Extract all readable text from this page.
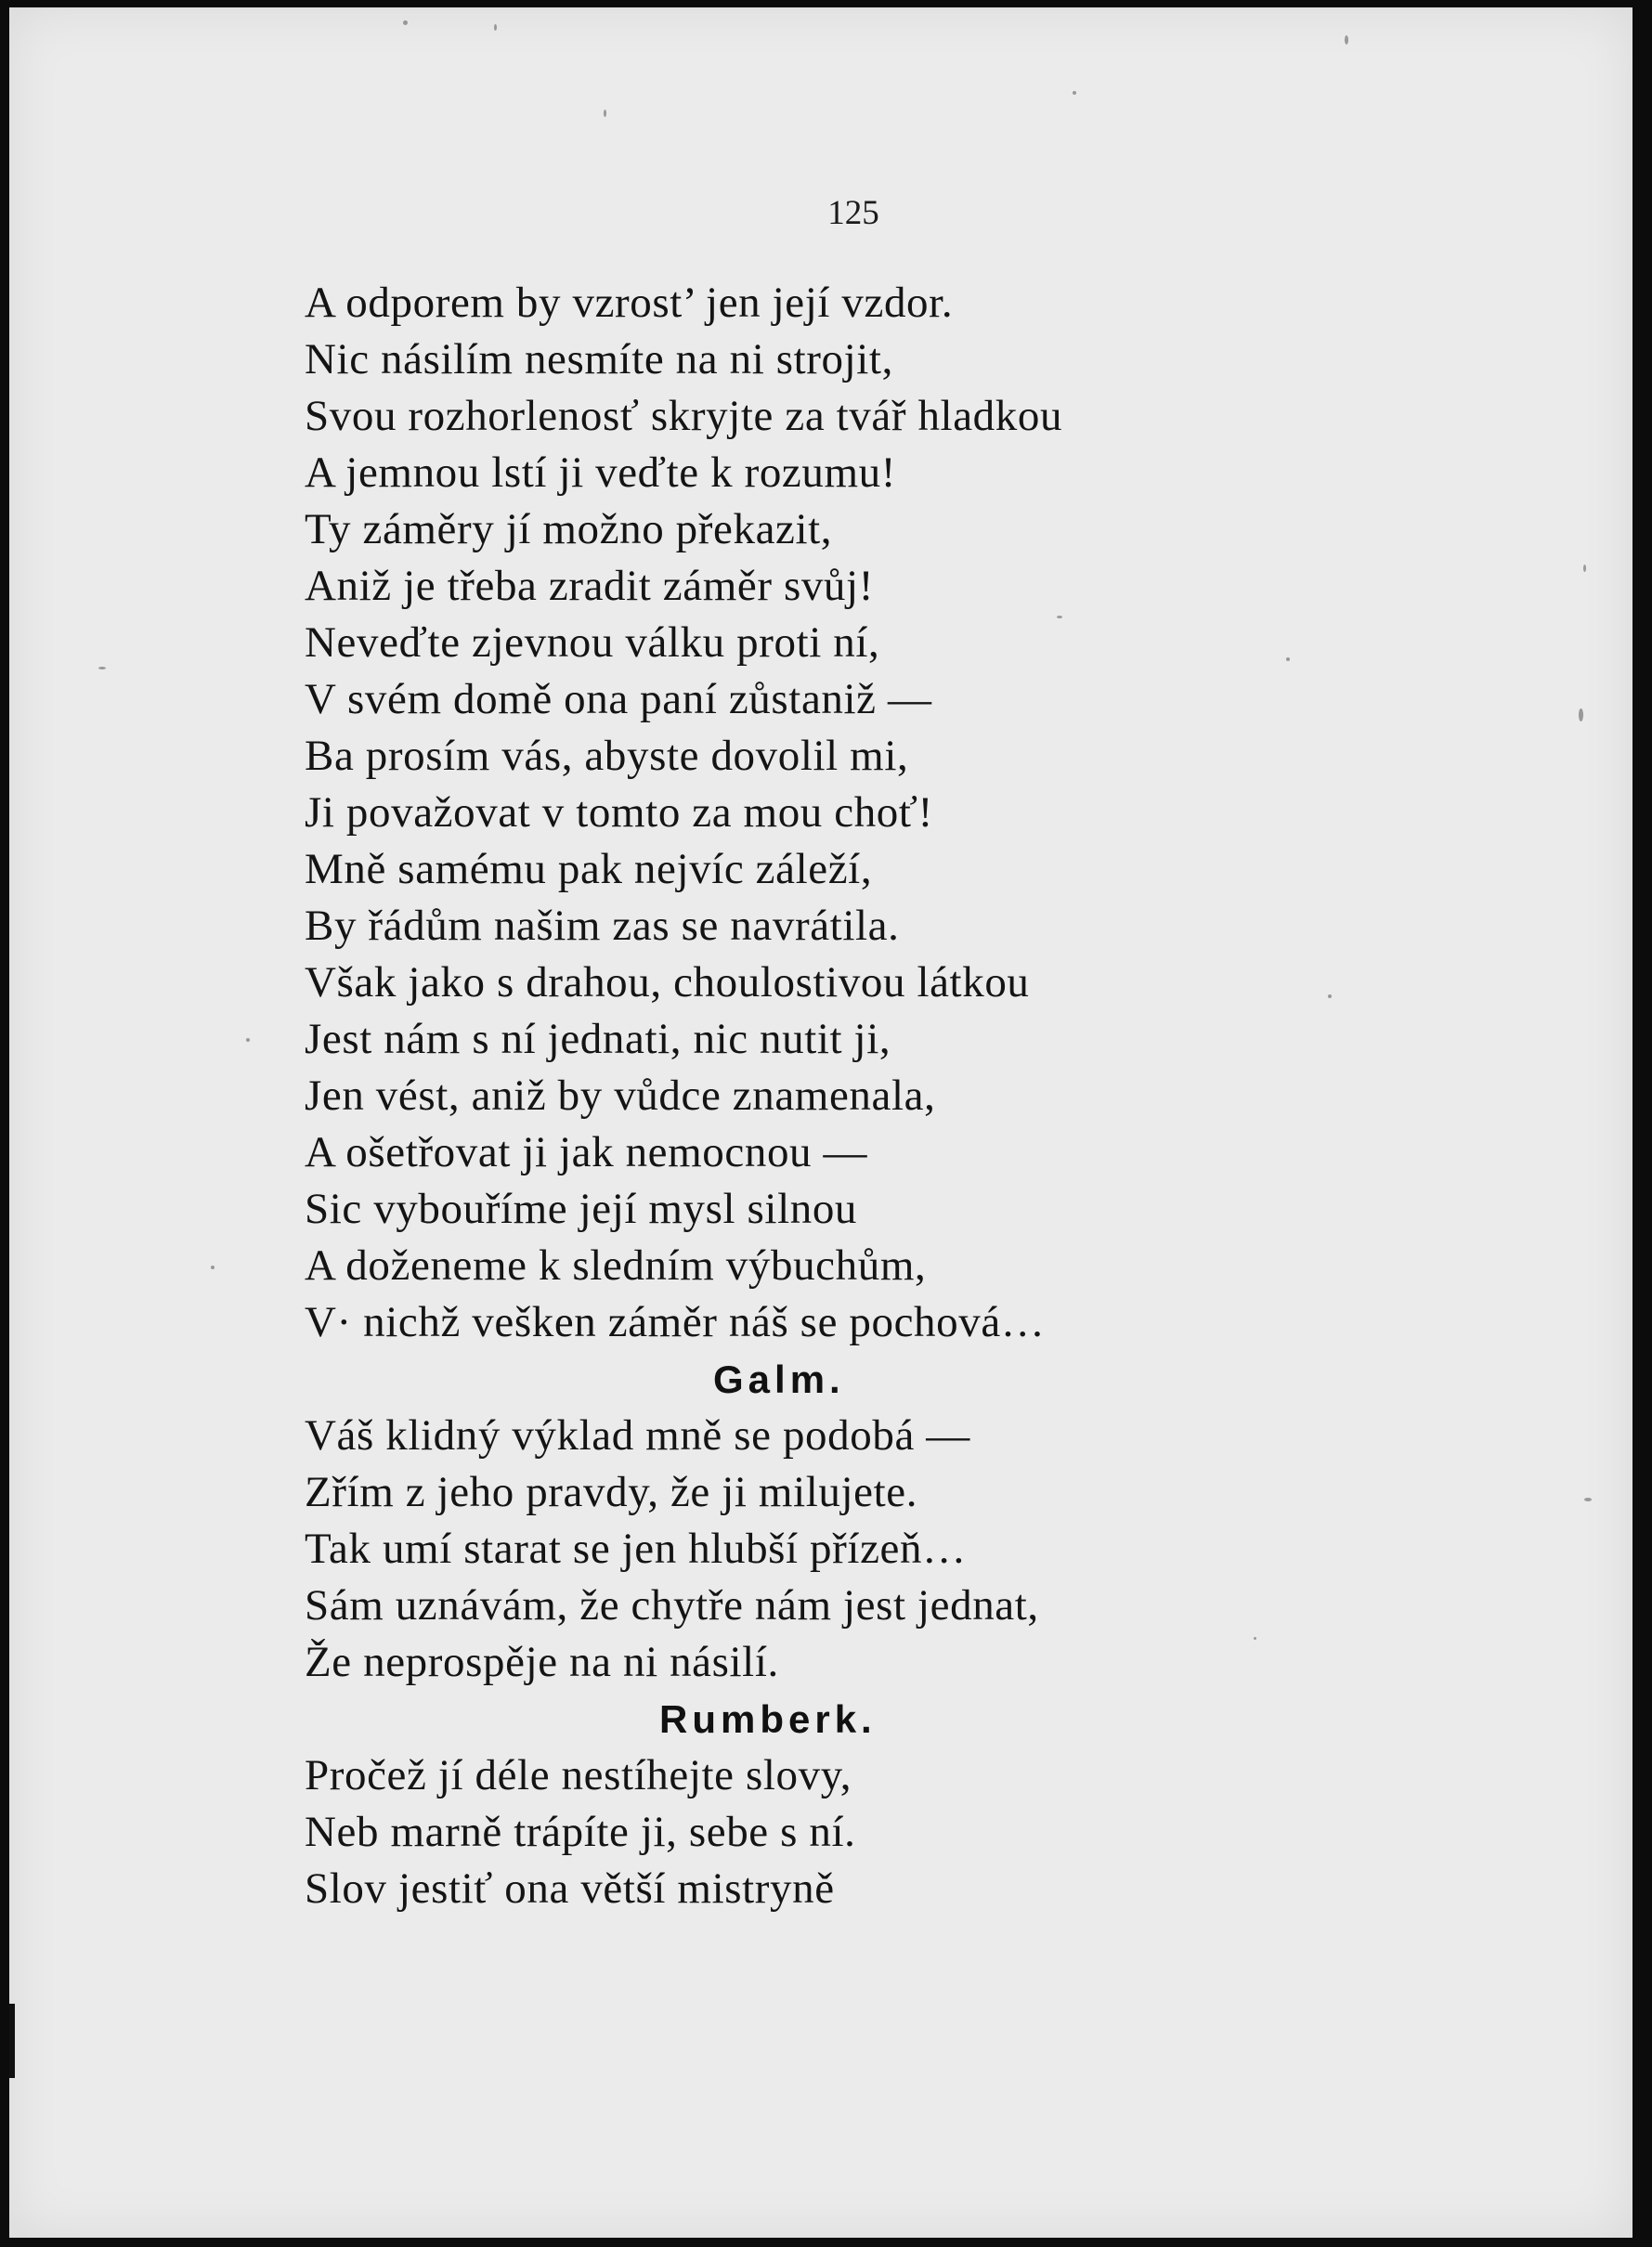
125
A odporem by vzrost’ jen její vzdor.
Nic násilím nesmíte na ni strojit,
Svou rozhorlenosť skryjte za tvář hladkou
A jemnou lstí ji veďte k rozumu!
Ty záměry jí možno překazit,
Aniž je třeba zradit záměr svůj!
Neveďte zjevnou válku proti ní,
V svém domě ona paní zůstaniž —
Ba prosím vás, abyste dovolil mi,
Ji považovat v tomto za mou choť!
Mně samému pak nejvíc záleží,
By řádům našim zas se navrátila.
Však jako s drahou, choulostivou látkou
Jest nám s ní jednati, nic nutit ji,
Jen vést, aniž by vůdce znamenala,
A ošetřovat ji jak nemocnou —
Sic vybouříme její mysl silnou
A doženeme k sledním výbuchům,
V· nichž vešken záměr náš se pochová…
Galm.
Váš klidný výklad mně se podobá —
Zřím z jeho pravdy, že ji milujete.
Tak umí starat se jen hlubší přízeň…
Sám uznávám, že chytře nám jest jednat,
Že neprospěje na ni násilí.
Rumberk.
Pročež jí déle nestíhejte slovy,
Neb marně trápíte ji, sebe s ní.
Slov jestiť ona větší mistryně
